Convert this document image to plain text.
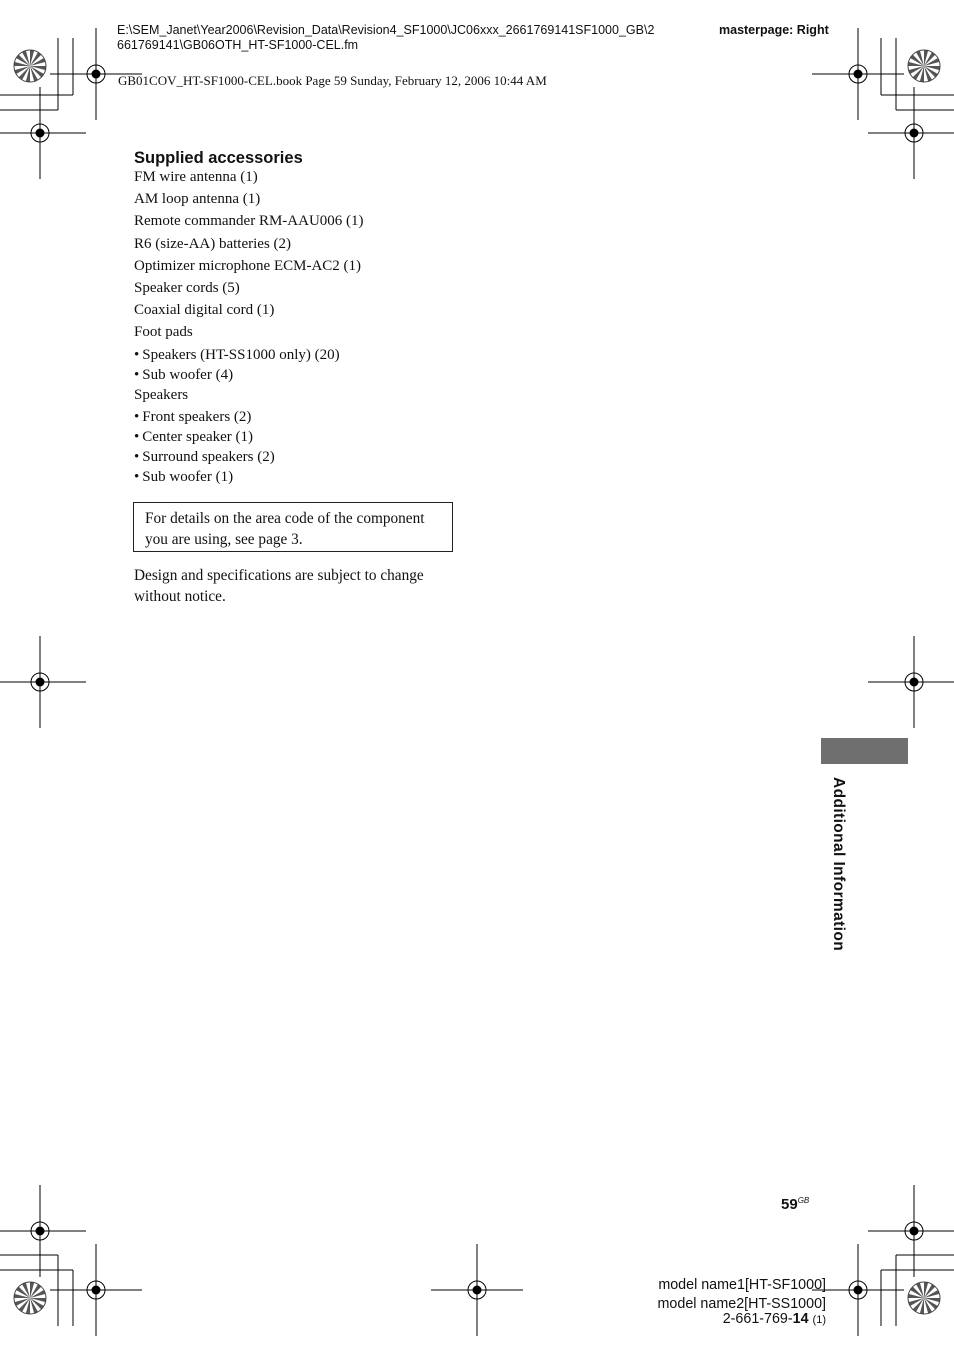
E:\SEM_Janet\Year2006\Revision_Data\Revision4_SF1000\JC06xxx_2661769141SF1000_GB\2
661769141\GB06OTH_HT-SF1000-CEL.fm
masterpage: Right
GB01COV_HT-SF1000-CEL.book Page 59 Sunday, February 12, 2006 10:44 AM
Supplied accessories
FM wire antenna (1)
AM loop antenna (1)
Remote commander RM-AAU006 (1)
R6 (size-AA) batteries (2)
Optimizer microphone ECM-AC2 (1)
Speaker cords (5)
Coaxial digital cord (1)
Foot pads
• Speakers (HT-SS1000 only) (20)
• Sub woofer (4)
Speakers
• Front speakers (2)
• Center speaker (1)
• Surround speakers (2)
• Sub woofer (1)
For details on the area code of the component you are using, see page 3.
Design and specifications are subject to change without notice.
Additional Information
$59^{GB}$
model name1[HT-SF1000]
model name2[HT-SS1000]
2-661-769-14 (1)
